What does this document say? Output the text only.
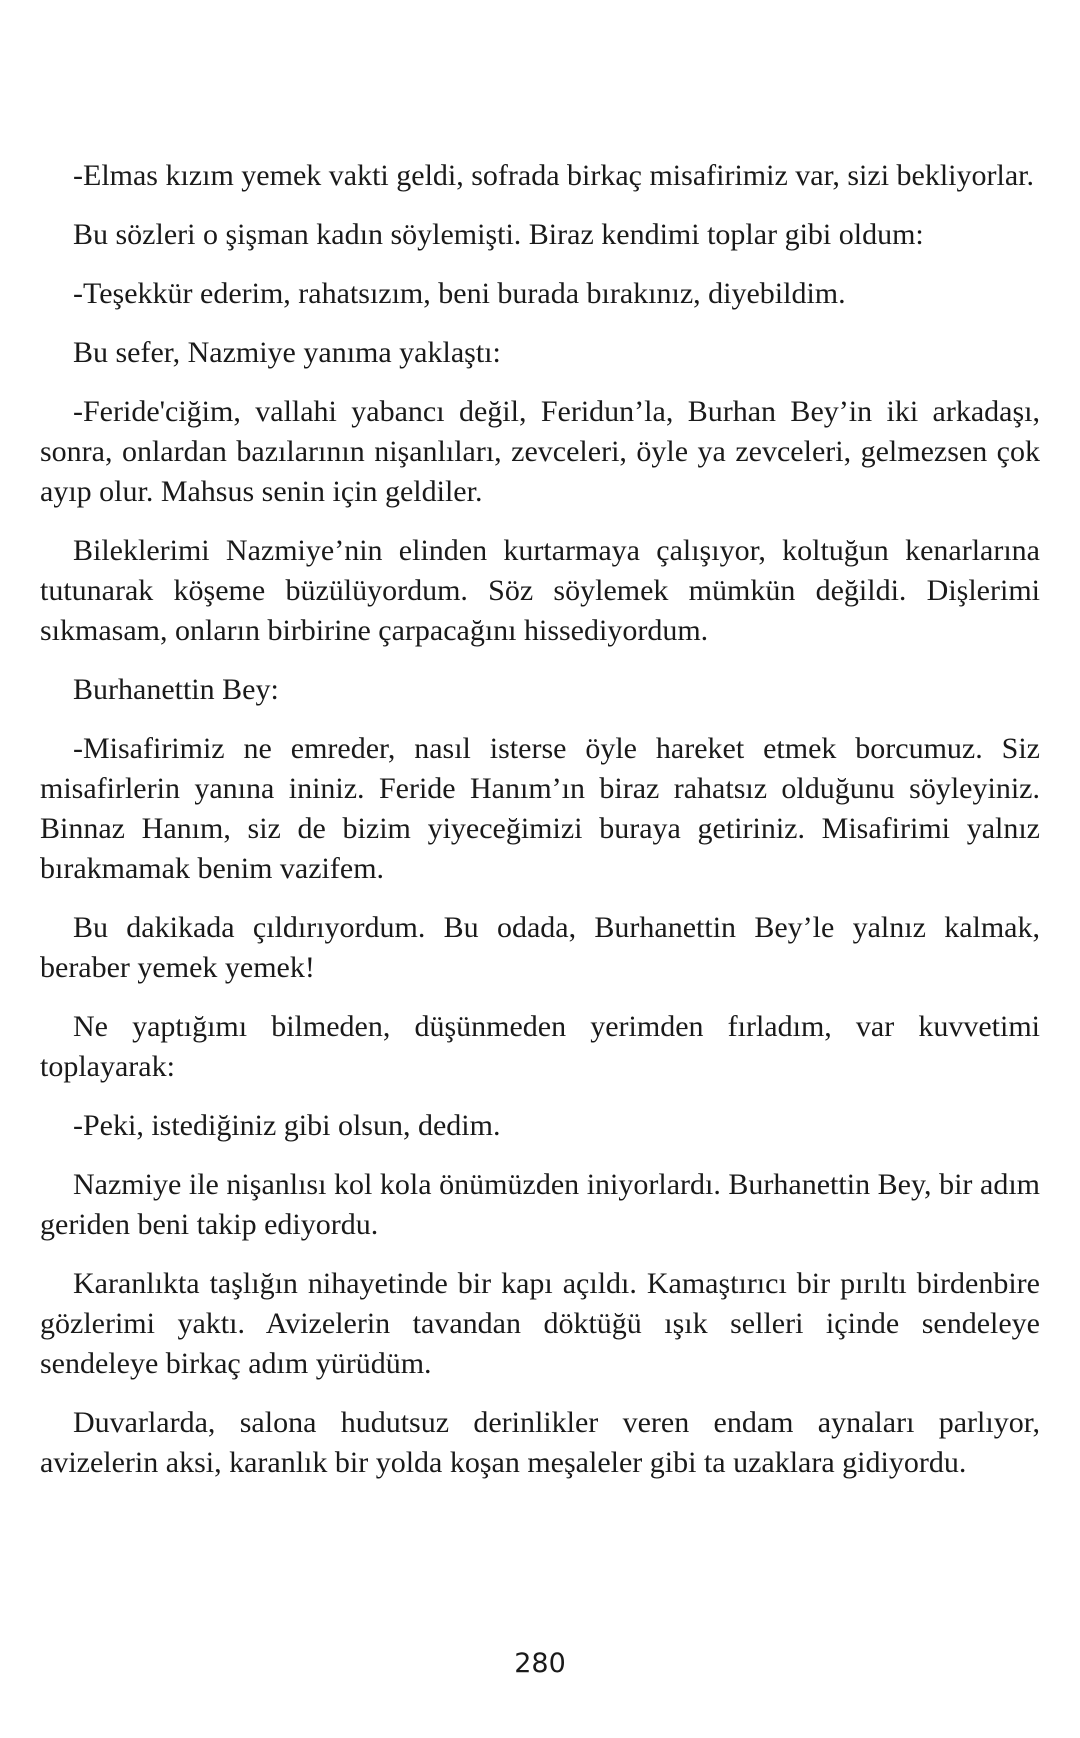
-Elmas kızım yemek vakti geldi, sofrada birkaç misafirimiz var, sizi bekliyorlar.

Bu sözleri o şişman kadın söylemişti. Biraz kendimi toplar gibi oldum:

-Teşekkür ederim, rahatsızım, beni burada bırakınız, diyebildim.

Bu sefer, Nazmiye yanıma yaklaştı:

-Feride'ciğim, vallahi yabancı değil, Feridun’la, Burhan Bey’in iki arkadaşı, sonra, onlardan bazılarının nişanlıları, zevceleri, öyle ya zevceleri, gelmezsen çok ayıp olur. Mahsus senin için geldiler.

Bileklerimi Nazmiye’nin elinden kurtarmaya çalışıyor, koltuğun kenarlarına tutunarak köşeme büzülüyordum. Söz söylemek mümkün değildi. Dişlerimi sıkmasam, onların birbirine çarpacağını hissediyordum.

Burhanettin Bey:

-Misafirimiz ne emreder, nasıl isterse öyle hareket etmek borcumuz. Siz misafirlerin yanına ininiz. Feride Hanım’ın biraz rahatsız olduğunu söyleyiniz. Binnaz Hanım, siz de bizim yiyeceğimizi buraya getiriniz. Misafirimi yalnız bırakmamak benim vazifem.

Bu dakikada çıldırıyordum. Bu odada, Burhanettin Bey’le yalnız kalmak, beraber yemek yemek!

Ne yaptığımı bilmeden, düşünmeden yerimden fırladım, var kuvvetimi toplayarak:

-Peki, istediğiniz gibi olsun, dedim.

Nazmiye ile nişanlısı kol kola önümüzden iniyorlardı. Burhanettin Bey, bir adım geriden beni takip ediyordu.

Karanlıkta taşlığın nihayetinde bir kapı açıldı. Kamaştırıcı bir pırıltı birdenbire gözlerimi yaktı. Avizelerin tavandan döktüğü ışık selleri içinde sendeleye sendeleye birkaç adım yürüdüm.

Duvarlarda, salona hudutsuz derinlikler veren endam aynaları parlıyor, avizelerin aksi, karanlık bir yolda koşan meşaleler gibi ta uzaklara gidiyordu.

280
